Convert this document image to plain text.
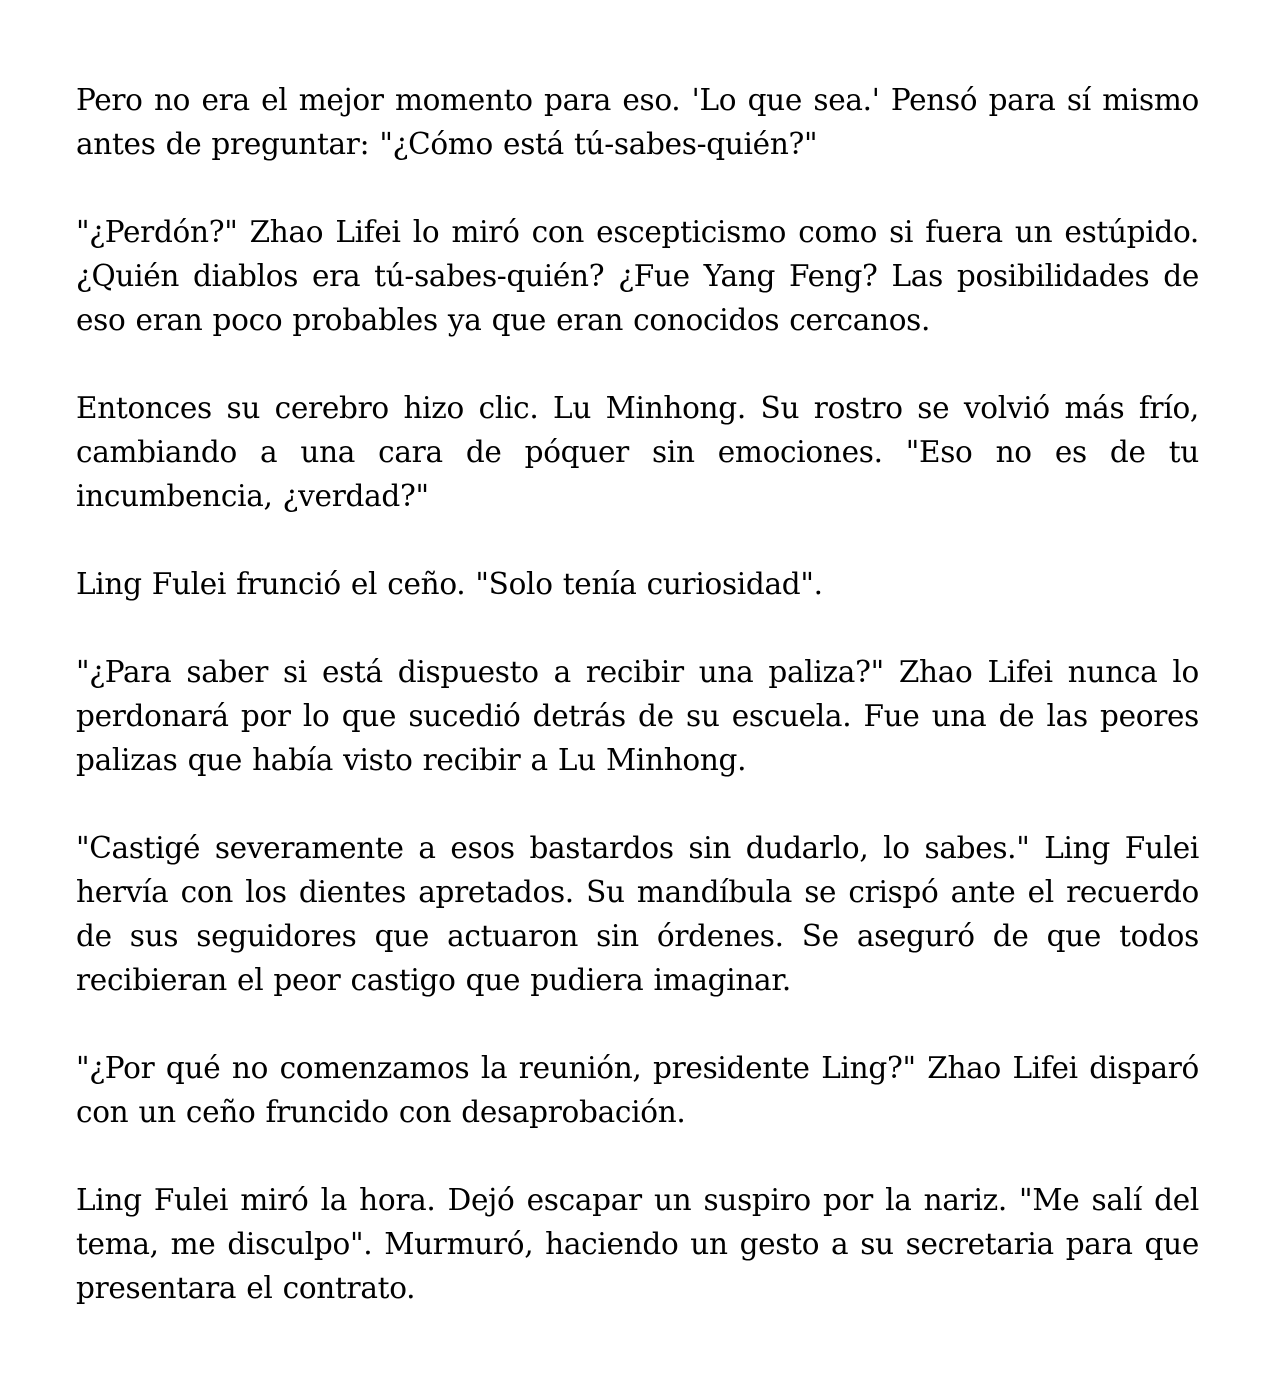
Pero no era el mejor momento para eso. 'Lo que sea.' Pensó para sí mismo antes de preguntar: "¿Cómo está tú-sabes-quién?"

"¿Perdón?" Zhao Lifei lo miró con escepticismo como si fuera un estúpido. ¿Quién diablos era tú-sabes-quién? ¿Fue Yang Feng? Las posibilidades de eso eran poco probables ya que eran conocidos cercanos.

Entonces su cerebro hizo clic. Lu Minhong. Su rostro se volvió más frío, cambiando a una cara de póquer sin emociones. "Eso no es de tu incumbencia, ¿verdad?"

Ling Fulei frunció el ceño. "Solo tenía curiosidad".

"¿Para saber si está dispuesto a recibir una paliza?" Zhao Lifei nunca lo perdonará por lo que sucedió detrás de su escuela. Fue una de las peores palizas que había visto recibir a Lu Minhong.

"Castigé severamente a esos bastardos sin dudarlo, lo sabes." Ling Fulei hervía con los dientes apretados. Su mandíbula se crispó ante el recuerdo de sus seguidores que actuaron sin órdenes. Se aseguró de que todos recibieran el peor castigo que pudiera imaginar.

"¿Por qué no comenzamos la reunión, presidente Ling?" Zhao Lifei disparó con un ceño fruncido con desaprobación.

Ling Fulei miró la hora. Dejó escapar un suspiro por la nariz. "Me salí del tema, me disculpo". Murmuró, haciendo un gesto a su secretaria para que presentara el contrato.
